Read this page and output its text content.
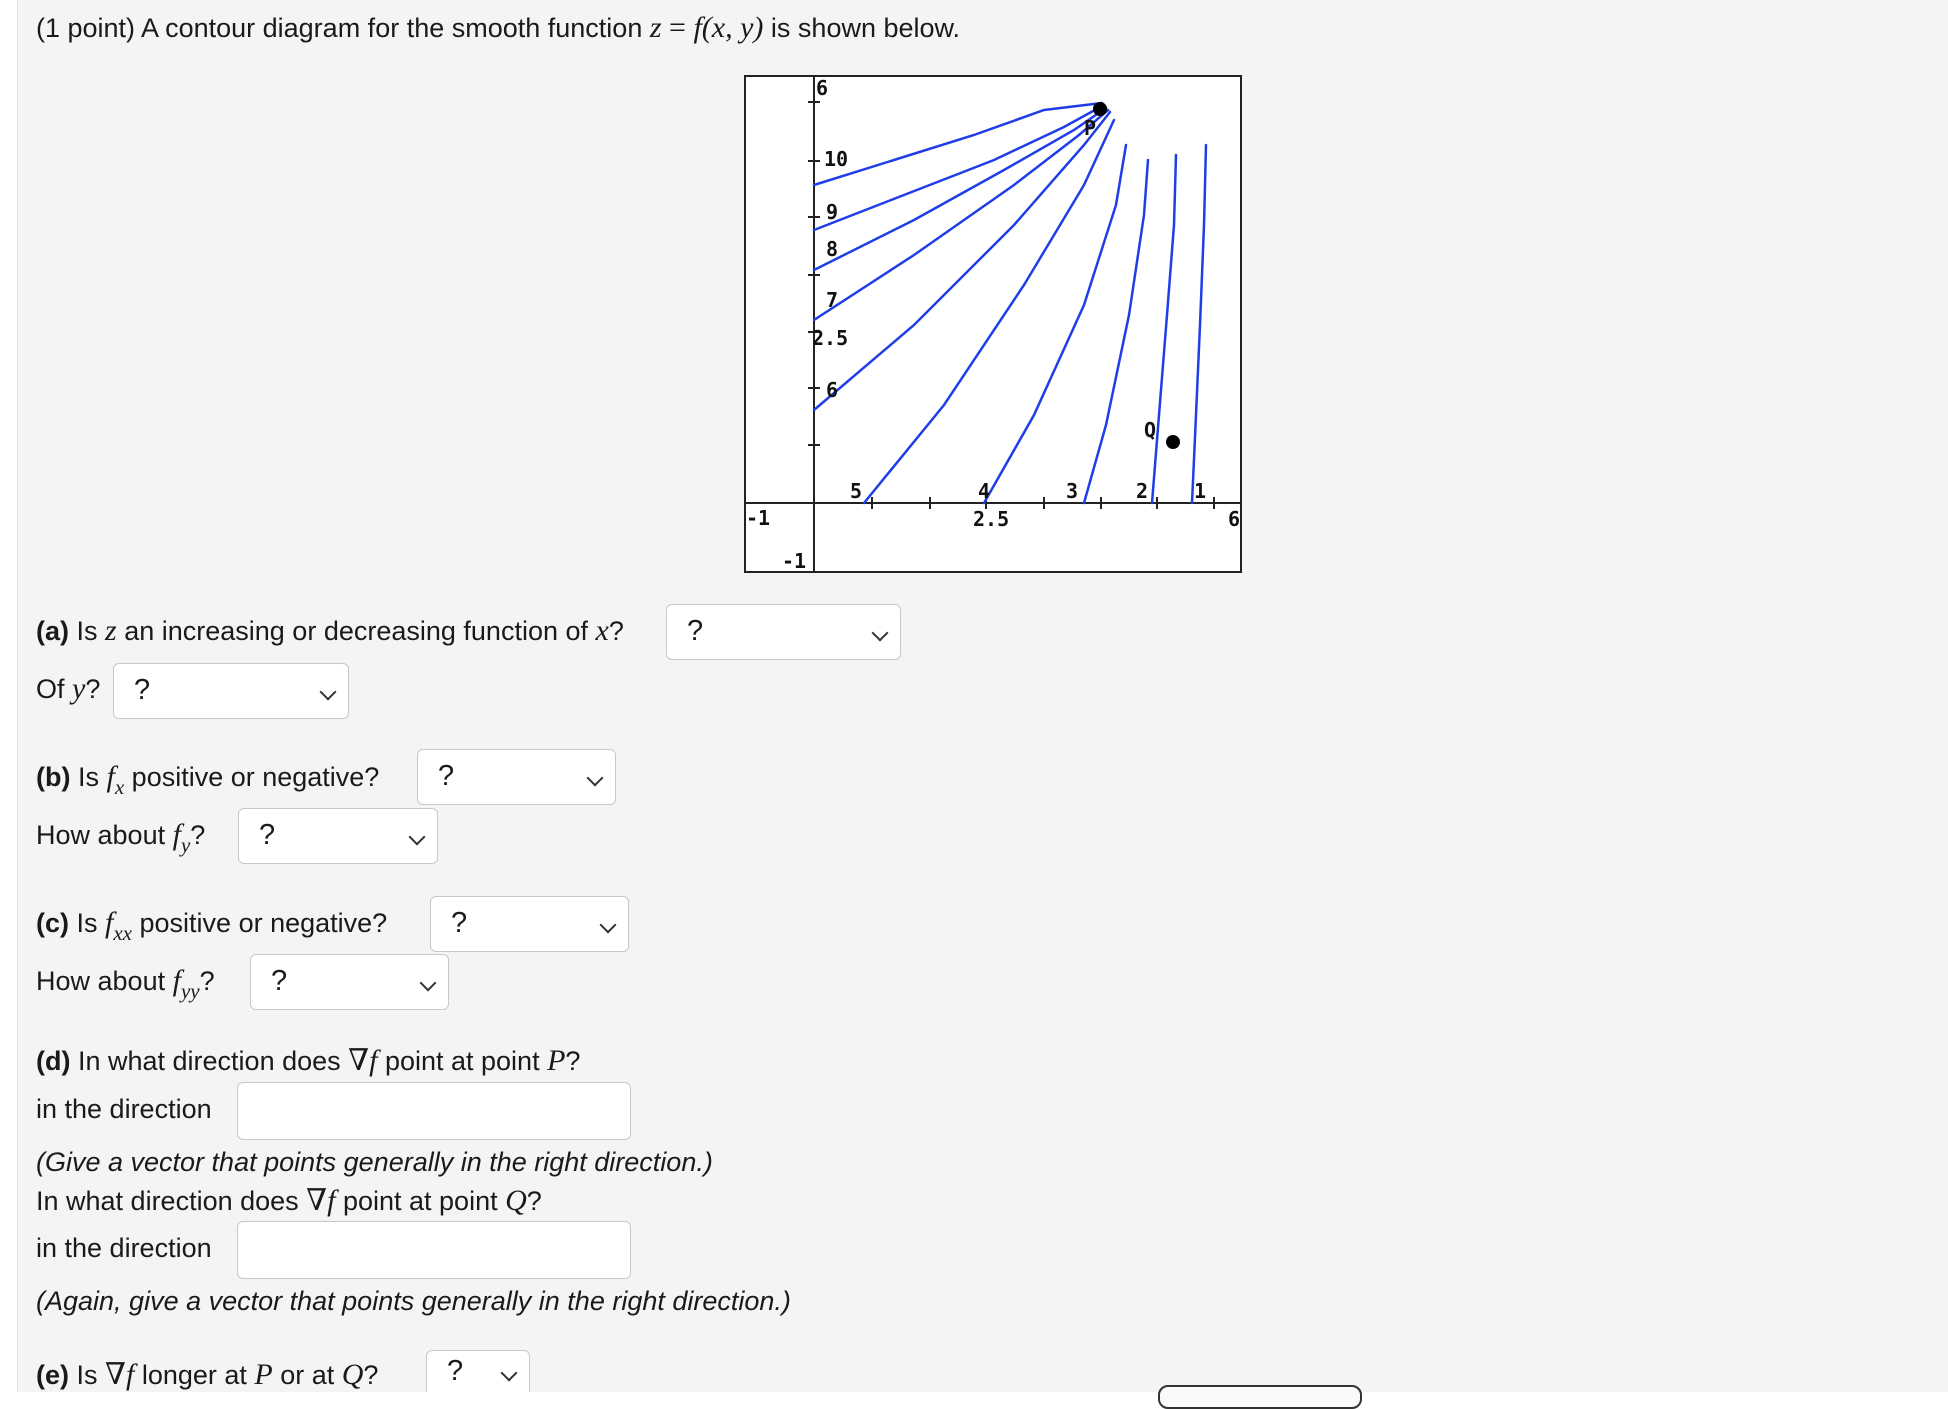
(1 point) A contour diagram for the smooth function z = f(x, y) is shown below.
6
2.5
-1
-1	2.5	6
10
9
8
7
6
5	4	3	2 1
P
Q
(a) Is z an increasing or decreasing function of x?	?
Of y?	?
(b) Is $f_x$ positive or negative?	?
How about $f_y$?	?
(c) Is $f_{xx}$ positive or negative?	?
How about $f_{yy}$?	?
(d) In what direction does ∇f point at point P?
in the direction
(Give a vector that points generally in the right direction.)
In what direction does ∇f point at point Q?
in the direction
(Again, give a vector that points generally in the right direction.)
(e) Is ∇f longer at P or at Q?	?
